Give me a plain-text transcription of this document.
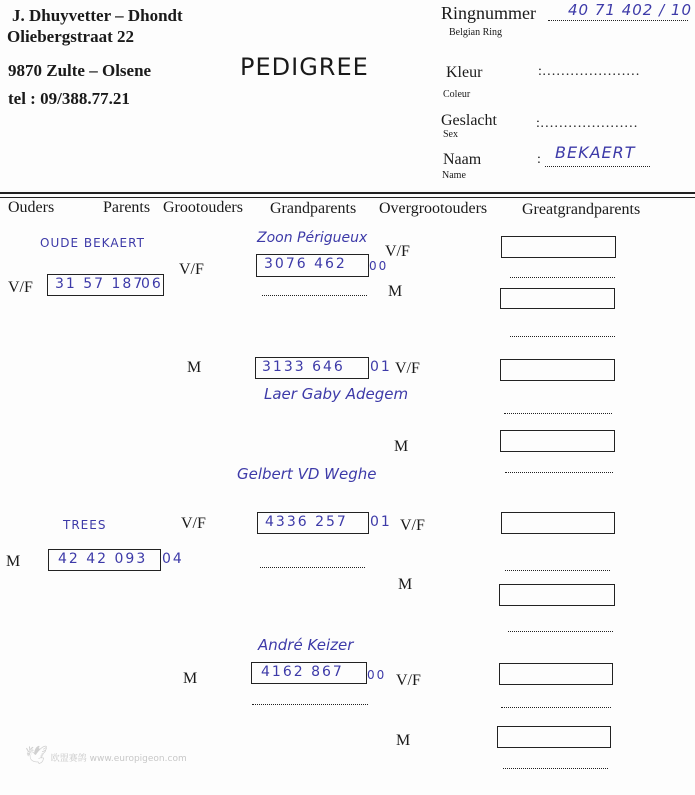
J. Dhuyvetter – Dhondt
Oliebergstraat 22
9870 Zulte – Olsene
tel : 09/388.77.21
PEDIGREE
Ringnummer 40 71 402 / 10
Belgian Ring
Kleur
Coleur
:…………………
Geslacht
Sex
:…………………
Naam
Name
: BEKAERT
Ouders	Parents Grootouders Grandparents Overgrootouders Greatgrandparents
OUDE BEKAERT
V/F 31 57 187
06
TREES
M	42 42 093 04
V/F
Zoon Périgueux
3076 462 00
M	3133 646 01
Laer Gaby Adegem
Gelbert VD Weghe
V/F	4336 257 01
André Keizer
M	4162 867 00
V/F
M
V/F
M
V/F
M
V/F
M
🕊 欧盟赛鸽 www.europigeon.com
